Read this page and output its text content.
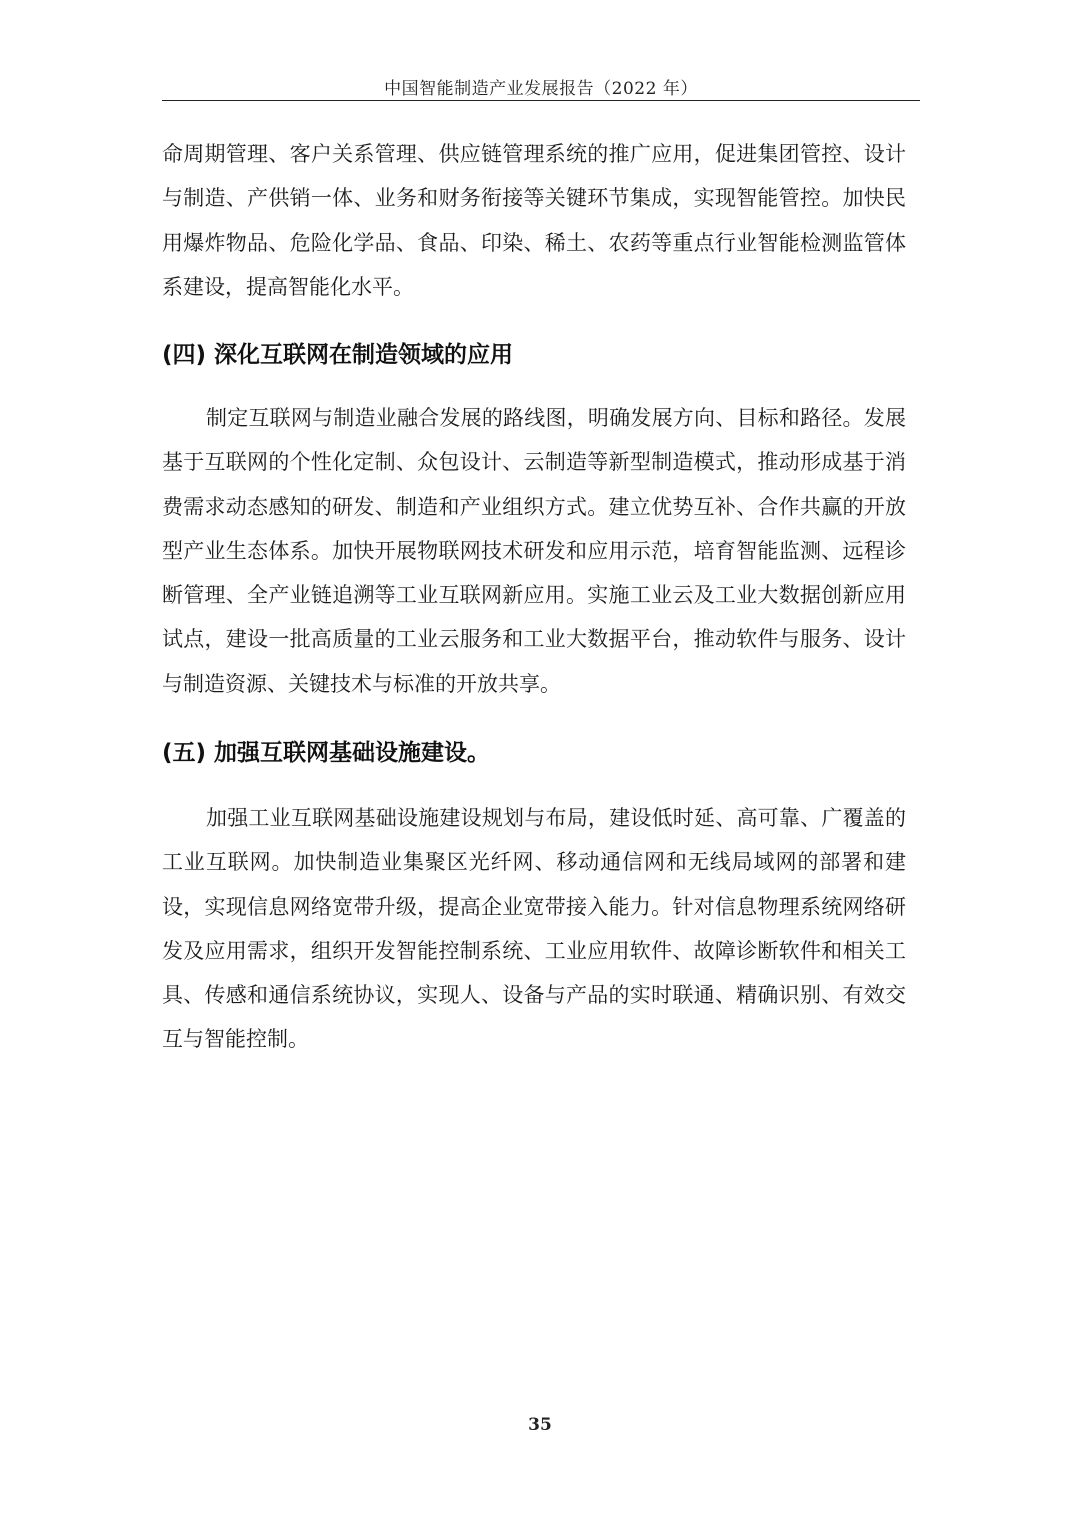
中国智能制造产业发展报告（2022 年）

命周期管理、客户关系管理、供应链管理系统的推广应用，促进集团管控、设计与制造、产供销一体、业务和财务衔接等关键环节集成，实现智能管控。加快民用爆炸物品、危险化学品、食品、印染、稀土、农药等重点行业智能检测监管体系建设，提高智能化水平。

(四) 深化互联网在制造领域的应用

制定互联网与制造业融合发展的路线图，明确发展方向、目标和路径。发展基于互联网的个性化定制、众包设计、云制造等新型制造模式，推动形成基于消费需求动态感知的研发、制造和产业组织方式。建立优势互补、合作共赢的开放型产业生态体系。加快开展物联网技术研发和应用示范，培育智能监测、远程诊断管理、全产业链追溯等工业互联网新应用。实施工业云及工业大数据创新应用试点，建设一批高质量的工业云服务和工业大数据平台，推动软件与服务、设计与制造资源、关键技术与标准的开放共享。

(五) 加强互联网基础设施建设。

加强工业互联网基础设施建设规划与布局，建设低时延、高可靠、广覆盖的工业互联网。加快制造业集聚区光纤网、移动通信网和无线局域网的部署和建设，实现信息网络宽带升级，提高企业宽带接入能力。针对信息物理系统网络研发及应用需求，组织开发智能控制系统、工业应用软件、故障诊断软件和相关工具、传感和通信系统协议，实现人、设备与产品的实时联通、精确识别、有效交互与智能控制。

35
